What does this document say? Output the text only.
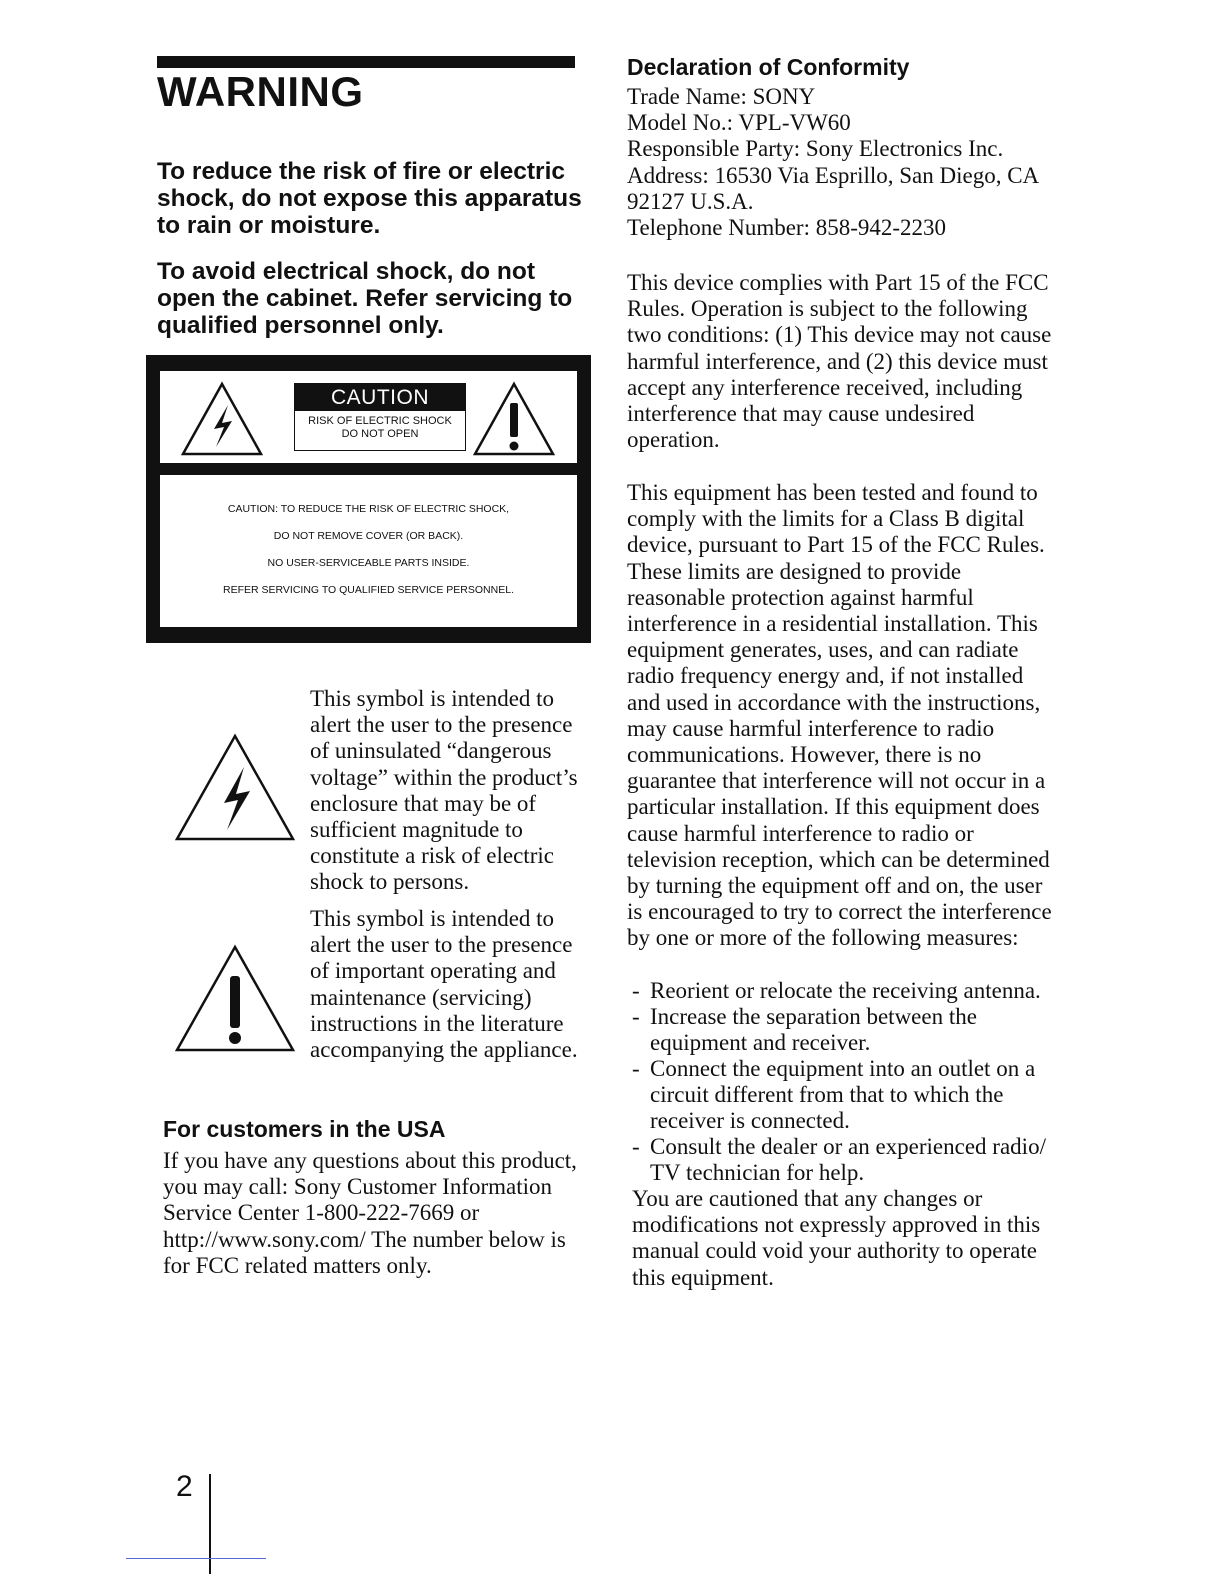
WARNING

To reduce the risk of fire or electric shock, do not expose this apparatus to rain or moisture.

To avoid electrical shock, do not open the cabinet. Refer servicing to qualified personnel only.

CAUTION
RISK OF ELECTRIC SHOCK
DO NOT OPEN

CAUTION: TO REDUCE THE RISK OF ELECTRIC SHOCK,

DO NOT REMOVE COVER (OR BACK).

NO USER-SERVICEABLE PARTS INSIDE.

REFER SERVICING TO QUALIFIED SERVICE PERSONNEL.

This symbol is intended to alert the user to the presence of uninsulated “dangerous voltage” within the product’s enclosure that may be of sufficient magnitude to constitute a risk of electric shock to persons.

This symbol is intended to alert the user to the presence of important operating and maintenance (servicing) instructions in the literature accompanying the appliance.

For customers in the USA

If you have any questions about this product, you may call: Sony Customer Information Service Center 1-800-222-7669 or http://www.sony.com/ The number below is for FCC related matters only.

Declaration of Conformity

Trade Name: SONY

Model No.: VPL-VW60

Responsible Party: Sony Electronics Inc.

Address: 16530 Via Esprillo, San Diego, CA

92127 U.S.A.

Telephone Number: 858-942-2230

This device complies with Part 15 of the FCC Rules. Operation is subject to the following two conditions: (1) This device may not cause harmful interference, and (2) this device must accept any interference received, including interference that may cause undesired operation.

This equipment has been tested and found to comply with the limits for a Class B digital device, pursuant to Part 15 of the FCC Rules. These limits are designed to provide reasonable protection against harmful interference in a residential installation. This equipment generates, uses, and can radiate radio frequency energy and, if not installed and used in accordance with the instructions, may cause harmful interference to radio communications. However, there is no guarantee that interference will not occur in a particular installation. If this equipment does cause harmful interference to radio or television reception, which can be determined by turning the equipment off and on, the user is encouraged to try to correct the interference by one or more of the following measures:

- Reorient or relocate the receiving antenna.

- Increase the separation between the equipment and receiver.

- Connect the equipment into an outlet on a circuit different from that to which the receiver is connected.

- Consult the dealer or an experienced radio/ TV technician for help.

You are cautioned that any changes or modifications not expressly approved in this manual could void your authority to operate this equipment.

2
